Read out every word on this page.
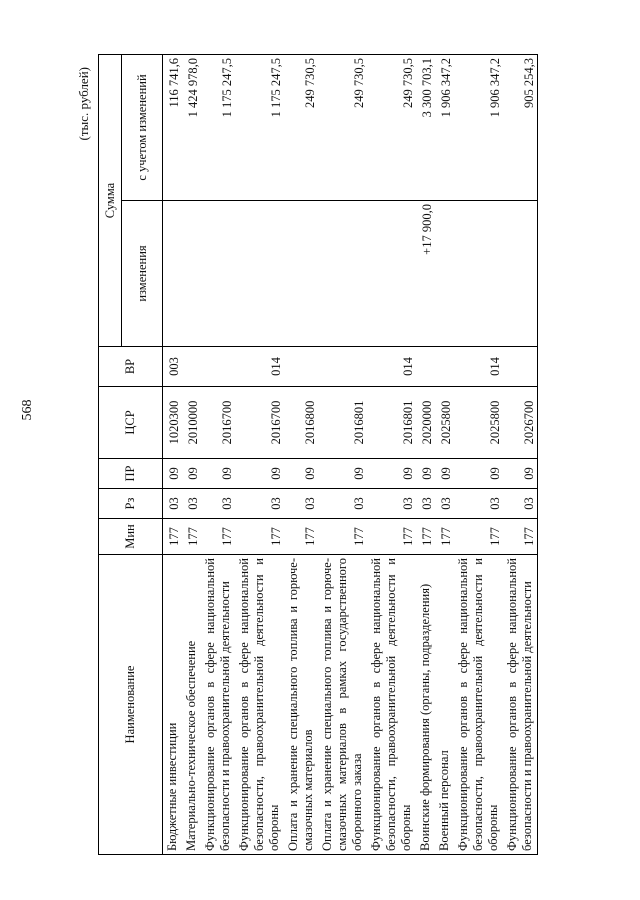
568
(тыс. рублей)
Наименование	Мин	Рз	ПР	ЦСР	ВР	Сумма	
						изменения	с учетом изменений
Бюджетные инвестиции	177	03	09	1020300	003		116 741,6
Материально-техническое обеспечение	177	03	09	2010000			1 424 978,0
Функционирование органов в сфере национальной безопасности и правоохранительной деятельности	177	03	09	2016700			1 175 247,5
Функционирование органов в сфере национальной безопасности, правоохранительной деятельности и обороны	177	03	09	2016700	014		1 175 247,5
Оплата и хранение специального топлива и горюче-смазочных материалов	177	03	09	2016800			249 730,5
Оплата и хранение специального топлива и горюче-смазочных материалов в рамках государственного оборонного заказа	177	03	09	2016801			249 730,5
Функционирование органов в сфере национальной безопасности, правоохранительной деятельности и обороны	177	03	09	2016801	014		249 730,5
Воинские формирования (органы, подразделения)	177	03	09	2020000		+17 900,0	3 300 703,1
Военный персонал	177	03	09	2025800			1 906 347,2
Функционирование органов в сфере национальной безопасности, правоохранительной деятельности и обороны	177	03	09	2025800	014		1 906 347,2
Функционирование органов в сфере национальной безопасности и правоохранительной деятельности	177	03	09	2026700			905 254,3
